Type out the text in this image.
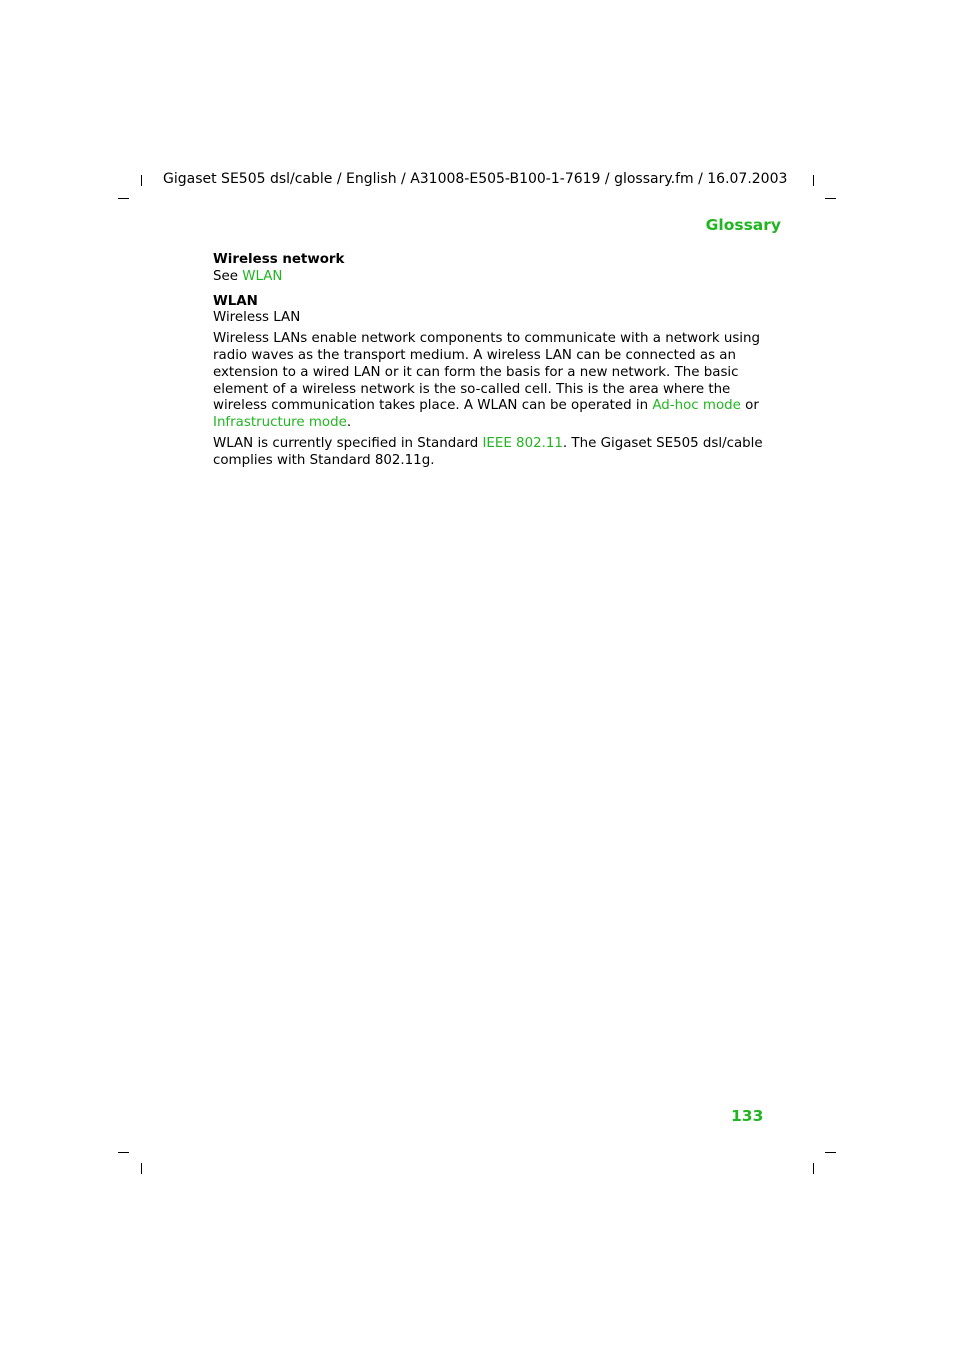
Gigaset SE505 dsl/cable / English / A31008-E505-B100-1-7619 / glossary.fm / 16.07.2003
Glossary

Wireless network

See WLAN

WLAN

Wireless LAN

Wireless LANs enable network components to communicate with a network using radio waves as the transport medium. A wireless LAN can be connected as an extension to a wired LAN or it can form the basis for a new network. The basic element of a wireless network is the so-called cell. This is the area where the wireless communication takes place. A WLAN can be operated in Ad-hoc mode or Infrastructure mode.

WLAN is currently specified in Standard IEEE 802.11. The Gigaset SE505 dsl/cable complies with Standard 802.11g.

133
